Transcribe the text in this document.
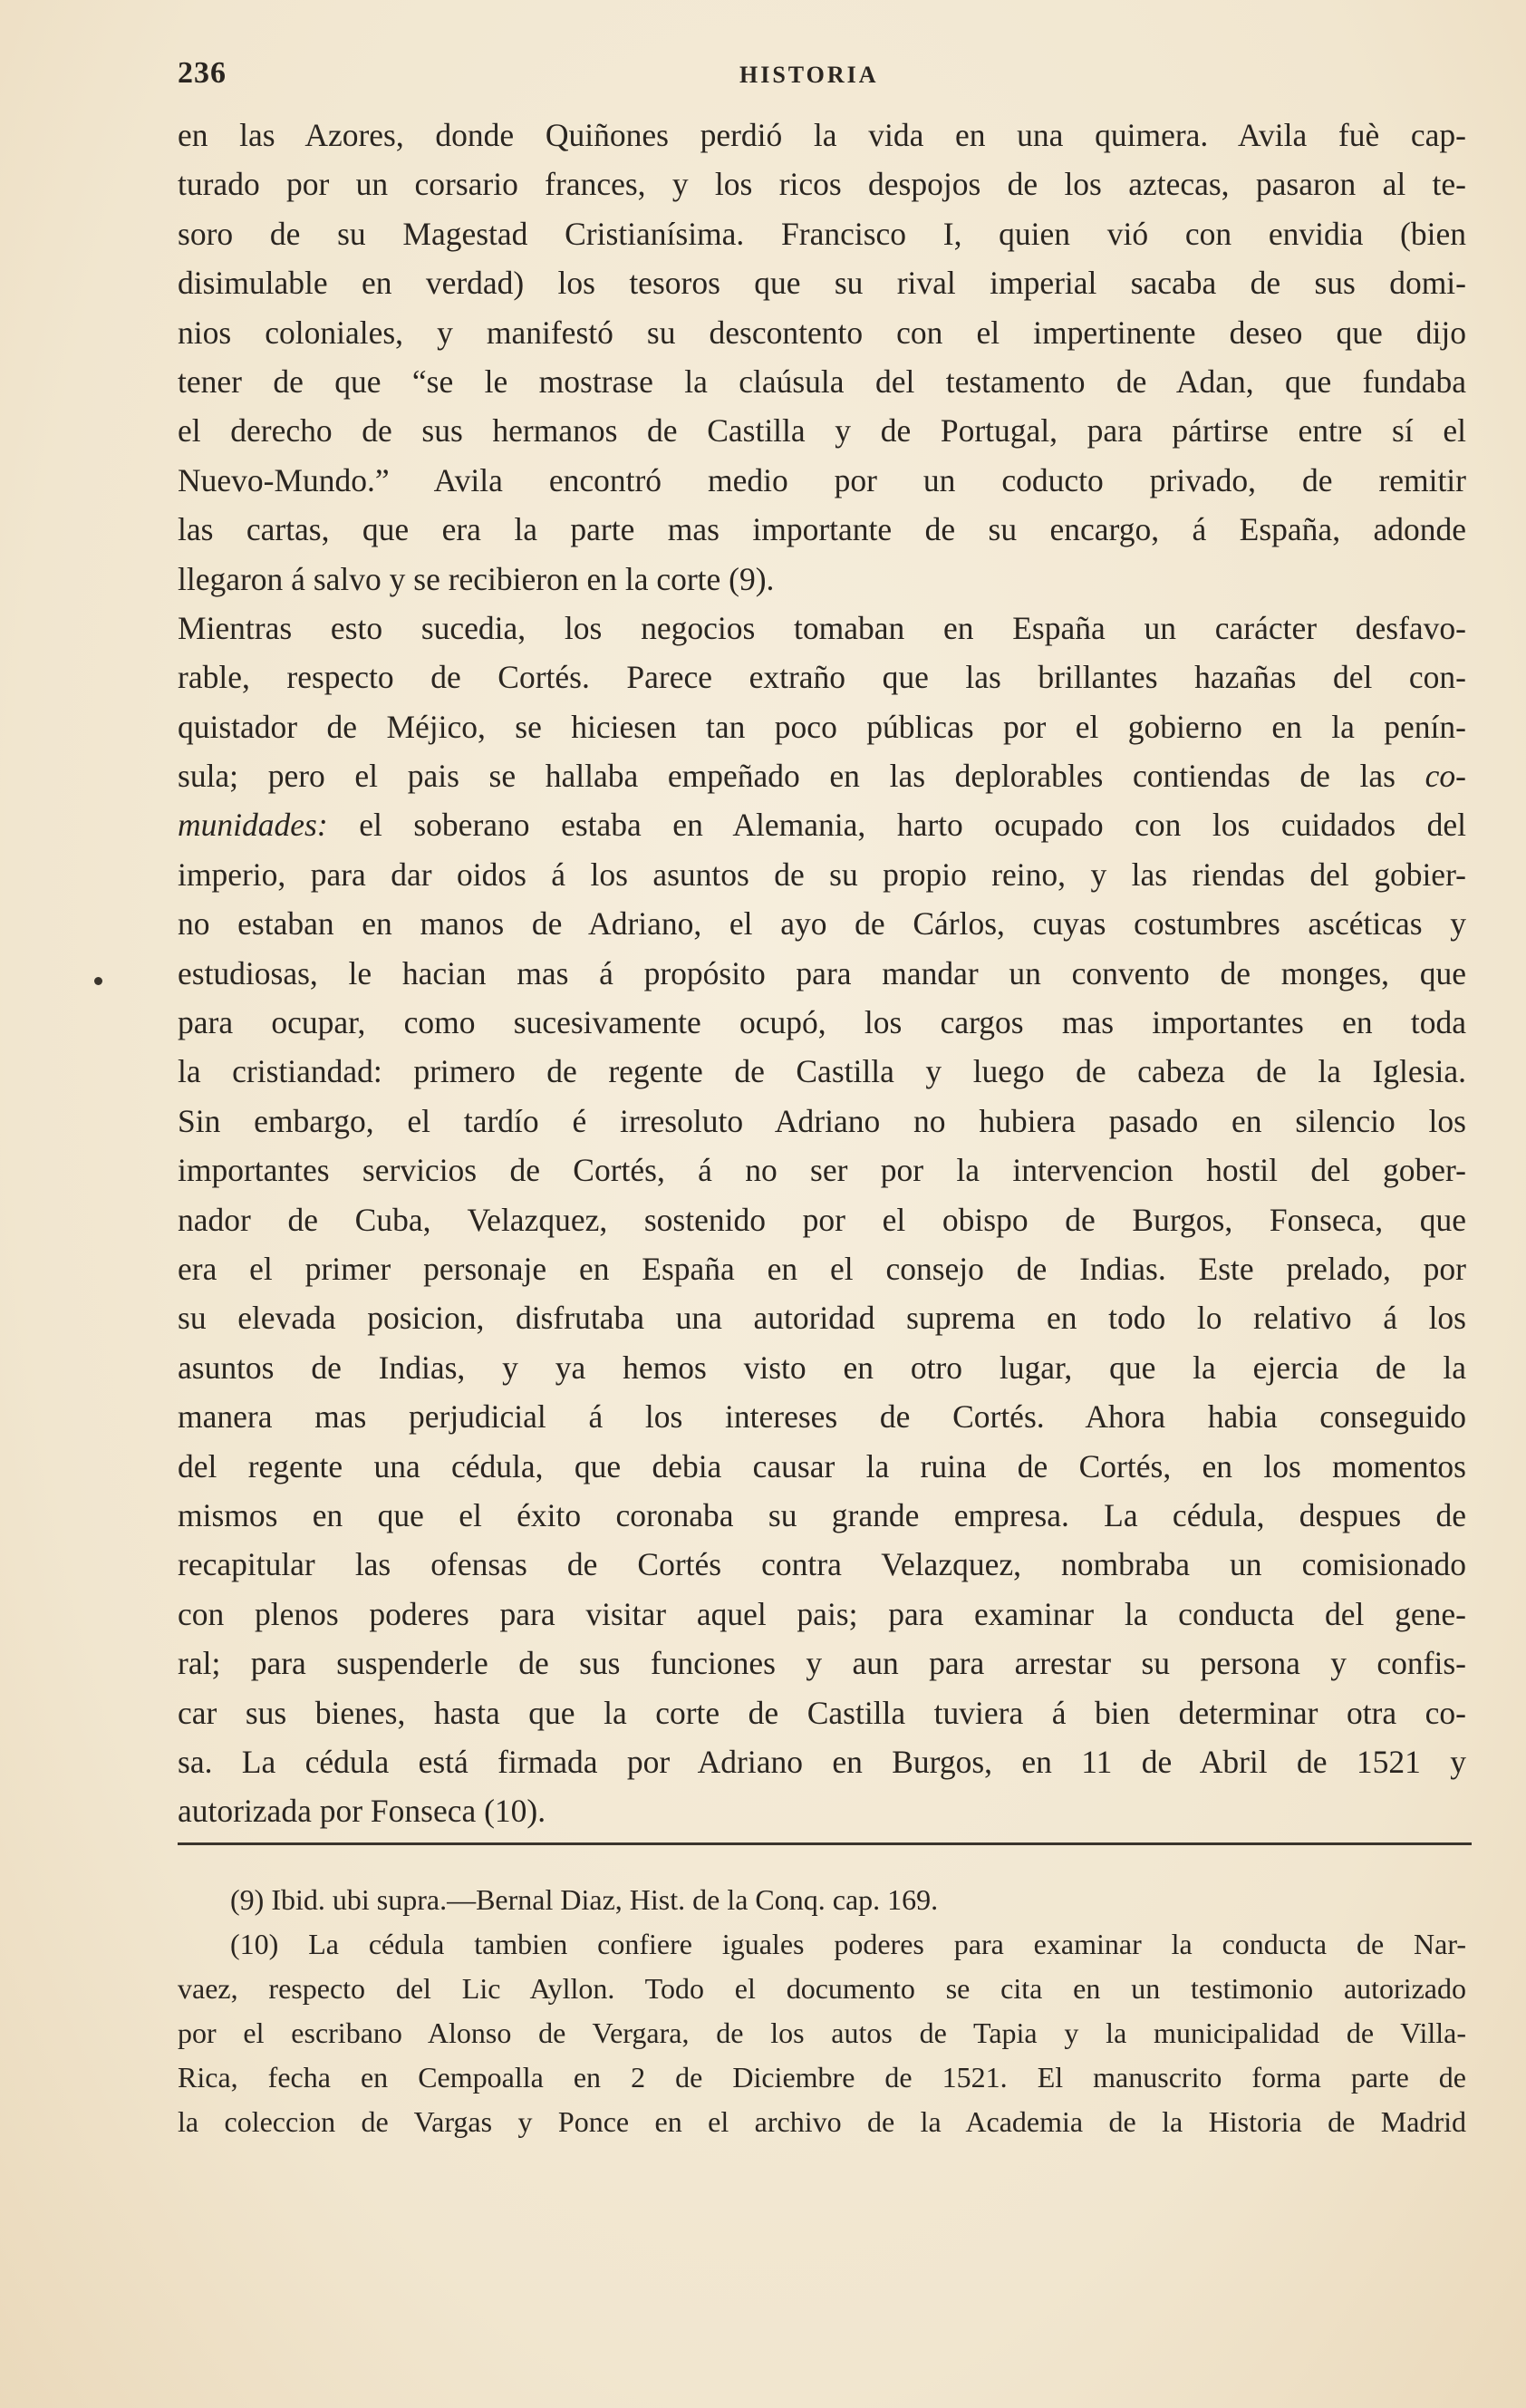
236	HISTORIA
en las Azores, donde Quiñones perdió la vida en una quimera. Avila fuè cap-
turado por un corsario frances, y los ricos despojos de los aztecas, pasaron al te-
soro de su Magestad Cristianísima. Francisco I, quien vió con envidia (bien
disimulable en verdad) los tesoros que su rival imperial sacaba de sus domi-
nios coloniales, y manifestó su descontento con el impertinente deseo que dijo
tener de que “se le mostrase la claúsula del testamento de Adan, que fundaba
el derecho de sus hermanos de Castilla y de Portugal, para pártirse entre sí el
Nuevo-Mundo.” Avila encontró medio por un coducto privado, de remitir
las cartas, que era la parte mas importante de su encargo, á España, adonde
llegaron á salvo y se recibieron en la corte (9).
Mientras esto sucedia, los negocios tomaban en España un carácter desfavo-
rable, respecto de Cortés. Parece extraño que las brillantes hazañas del con-
quistador de Méjico, se hiciesen tan poco públicas por el gobierno en la penín-
sula; pero el pais se hallaba empeñado en las deplorables contiendas de las co-
munidades: el soberano estaba en Alemania, harto ocupado con los cuidados del
imperio, para dar oidos á los asuntos de su propio reino, y las riendas del gobier-
no estaban en manos de Adriano, el ayo de Cárlos, cuyas costumbres ascéticas y
estudiosas, le hacian mas á propósito para mandar un convento de monges, que
para ocupar, como sucesivamente ocupó, los cargos mas importantes en toda
la cristiandad: primero de regente de Castilla y luego de cabeza de la Iglesia.
Sin embargo, el tardío é irresoluto Adriano no hubiera pasado en silencio los
importantes servicios de Cortés, á no ser por la intervencion hostil del gober-
nador de Cuba, Velazquez, sostenido por el obispo de Burgos, Fonseca, que
era el primer personaje en España en el consejo de Indias. Este prelado, por
su elevada posicion, disfrutaba una autoridad suprema en todo lo relativo á los
asuntos de Indias, y ya hemos visto en otro lugar, que la ejercia de la
manera mas perjudicial á los intereses de Cortés. Ahora habia conseguido
del regente una cédula, que debia causar la ruina de Cortés, en los momentos
mismos en que el éxito coronaba su grande empresa. La cédula, despues de
recapitular las ofensas de Cortés contra Velazquez, nombraba un comisionado
con plenos poderes para visitar aquel pais; para examinar la conducta del gene-
ral; para suspenderle de sus funciones y aun para arrestar su persona y confis-
car sus bienes, hasta que la corte de Castilla tuviera á bien determinar otra co-
sa. La cédula está firmada por Adriano en Burgos, en 11 de Abril de 1521 y
autorizada por Fonseca (10).
(9) Ibid. ubi supra.—Bernal Diaz, Hist. de la Conq. cap. 169.
(10) La cédula tambien confiere iguales poderes para examinar la conducta de Nar-
vaez, respecto del Lic Ayllon. Todo el documento se cita en un testimonio autorizado
por el escribano Alonso de Vergara, de los autos de Tapia y la municipalidad de Villa-
Rica, fecha en Cempoalla en 2 de Diciembre de 1521. El manuscrito forma parte de
la coleccion de Vargas y Ponce en el archivo de la Academia de la Historia de Madrid
